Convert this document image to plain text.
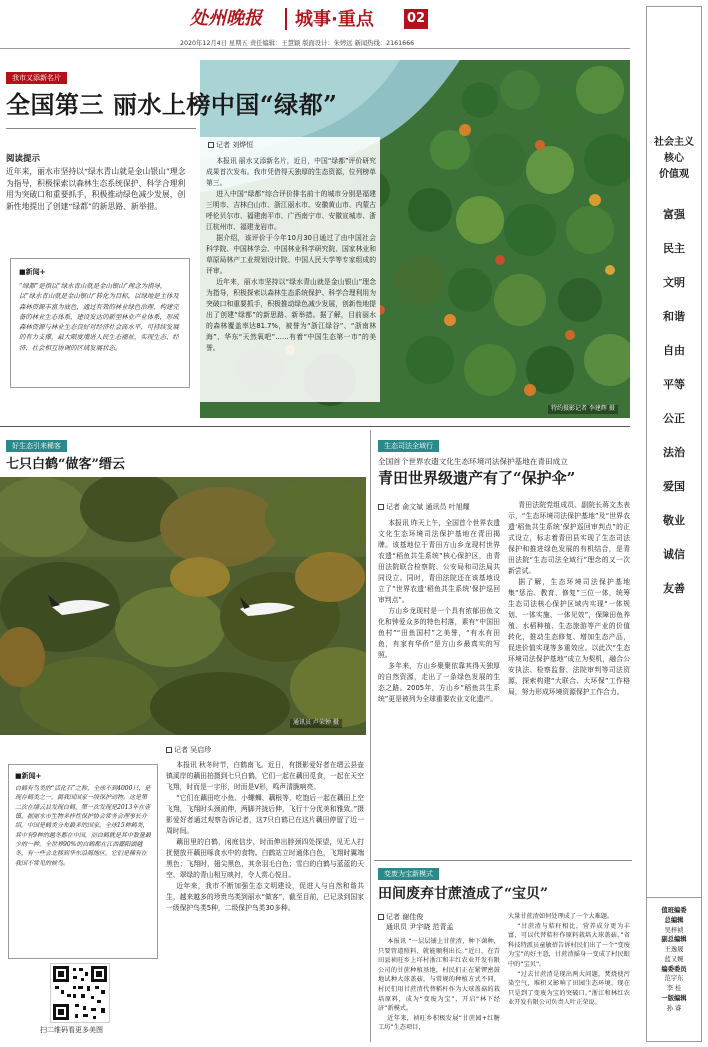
处州晚报 城事·重点	02
2020年12月4日 星期五 责任编辑：王慧颖 版面设计：朱婷远 新闻热线：2161666
我市又添新名片
全国第三 丽水上榜中国“绿都”
阅读提示
近年来，丽水市坚持以“绿水青山就是金山银山”理念为指导，积极探索以森林生态系统保护、科学合理利用为突破口和重要抓手，积极推动绿色减少发展，创新性地提出了创建“绿都”的新思路、新举措。
■新闻+
“绿都”是指以“绿水青山就是金山银山”理念为指导，以“绿水青山就是金山银山”转化为目标，以绿地是主体及森林资源丰富为底色，通过有效的林业绿色治理，构建完备的林业生态体系，建设发达的新型林业产业体系，形成森林资源与林业生态良好对经济社会高水平、可持续发展的有力支撑，最大限度增进人民生态福祉，实现生态、经济、社会相互协调的区域发展状态。
记者 刘烨恒

本报讯 丽水又添新名片，近日，中国“绿都”评价研究成果首次发布。我市凭借得天独厚的生态资源，位列榜单第三。

进入中国“绿都”综合评价排名前十的城市分别是福建三明市、吉林白山市、浙江丽水市、安徽黄山市、内蒙古呼伦贝尔市、福建南平市、广西南宁市、安徽宣城市、浙江杭州市、福建龙岩市。

据介绍，该评价于今年10月30日通过了由中国社会科学院、中国林学会、中国林业科学研究院、国家林业和草原局林产工业规划设计院、中国人民大学等专家组成的评审。

近年来，丽水市坚持以“绿水青山就是金山银山”理念为指导，积极探索以森林生态系统保护、科学合理利用为突破口和重要抓手，积极推动绿色减少发展，创新性地提出了创建“绿都”的新思路、新举措。据了解，目前丽水的森林覆盖率达81.7%，被誉为“浙江绿谷”、“浙南林海”、华东“天然氧吧”……有着“中国生态第一市”的美誉。

特约摄影记者 李建辉 摄
好生态引来稀客
七只白鹤“做客”缙云
通讯员 卢荣钟 摄
■新闻+
白鹤有鸟类的“活化石”之称，全球不到4000只，是现存鹤类之一，属我国国家一级保护动物。这是第二次在缙云县发现白鹤，第一次发现是2013年在壶镇。据丽水市生物多样性保护协会常务会理事长介绍，中国是鹤类分布最多的国家，全球15种鹤类，其中有9种的越冬都在中国，而白鹤就是其中数量最少的一种。全世界90%的白鹤都在江西鄱阳湖越冬，有一些会北移到华东沿海地区，它们是稀有在我国不常见的候鸟。
扫二维码看更多美图
记者 吴启珍

本报讯 秋冬时节，白鹤南飞。近日，有摄影爱好者在缙云县壶镇溪岸的藕田拍摄到七只白鹤，它们一起在藕田觅食，一起在天空飞翔，时而是一字形，时而是V形，鸣声清脆响亮。

“它们在藕田吃小鱼、小螺蛳、藕根等，吃饱后一起在藕田上空飞翔，飞翔时头颈前伸，两脚并拢后伸，飞行十分优美和雅致。”摄影爱好者通过观察告诉记者，这7只白鹤已在这片藕田停留了近一周时间。

藕田里的白鹤，闲庭信步，时而伸出脖颈四处探望，见无人打扰便放开藕田啄食水中的食物。白鹤站立时通体白色，飞翔时翼端黑色；飞翔时，翅尖黑色，其余羽毛白色；雪白的白鹤与蓝蓝的天空、翠绿的青山相互映衬，令人赏心悦目。

近年来，我市不断加强生态文明建设，促进人与自然和谐共生，越来越多的珍贵鸟类到丽水“做客”，截至目前，已记录到国家一级保护鸟类5种，二级保护鸟类30多种。

生态司法全域行
全国首个世界农遗文化生态环境司法保护基地在青田成立
青田世界级遗产有了“保护伞”
记者 俞文斌 通讯员 叶旭耀

本报讯 昨天上午，全国首个世界农遗文化生态环境司法保护基地在青田揭牌。该基地位于青田方山乡龙现村世界农遗“稻鱼共生系统”核心保护区，由青田法院联合检察院、公安局和司法局共同设立。同时，青田法院还在该基地设立了“世界农遗‘稻鱼共生系统’保护巡回审判点”。

方山乡龙现村是一个具有浓郁田鱼文化和钟爱众多的特色村落，素有“中国田鱼村”“田鱼国村”之美誉，“有水有田鱼，有家有华侨”是方山乡最真实的写照。

多年来，方山乡聚聚依靠其得天独厚的自然资源，走出了一条绿色发展的生态之路。2005年，方山乡“稻鱼共生系统”更是被列为全球重要农业文化遗产。

青田法院党组成员、副院长蒋文杰表示，“生态环境司法保护基地”及“世界农遗‘稻鱼共生系统’保护巡回审判点”的正式设立，标志着青田县实现了生态司法保护和推进绿色发展的有机结合，是青田法院“生态司法全域行”理念的又一次新尝试。

据了解，生态环境司法保护基地集“惩治、教育、修复”三位一体，统筹生态司法核心保护区域内实现“一体规划、一体实施、一体见效”，保障田鱼养殖、水稻种植、生态旅游等产业的价值转化，推动生态修复、增加生态产品，促进价值实现等多重效应。以此次“生态环境司法保护基地”成立为契机，融合公安执法、检察监督、法院审判等司法资源，探索构建“大联合、大环保”工作格局，努力形成环境资源保护工作合力。

变废为宝新模式
田间废弃甘蔗渣成了“宝贝”
记者 谢佳俊
通讯员 尹宇晓 范青孟

本报讯 “一层层铺上甘蔗渣，种下菌种，只要管道照料，就能顺利出长。”近日，在青田县祯旺乡上垟村浙江和丰红农业开发有限公司的甘蔗种植基地，村民们正在紧锣密鼓地试种大球盖菇，与常规的种植方式不同，村民们用甘蔗渣代替稻杆作为大球盖菇的栽培原料，成为“变废为宝”，开启“林下经济”新模式。

近年来，祯旺乡积极发展“甘蔗园+红糖工坊”生态项目，

大量甘蔗渣如何处理成了一个大难题。

“甘蔗渣与秸秆相比，营养成分更为丰富，可以代替秸秆作原料栽培大球盖菇。”省科技特派员童敏蓓告诉村民们出了一个“变废为宝”的好主意，甘蔗渣摇身一变成了村民眼中的“宝贝”。

“过去甘蔗渣是现出两大问题，焚烧使污染空气，堆积又影响了田园生态环境，现在只是到了变废为宝的突破口。”浙江和林红农业开发有限公司负责人叶正荣说。

社会主义
核心
价值观
富强
民主
文明
和谐
自由
平等
公正
法治
爱国
敬业
诚信
友善
值班编委
总编辑
吴梓祯
副总编辑
王逸晟
蓝又婉
编委委员
范宇东
李 桂
一版编辑
孙 睿
